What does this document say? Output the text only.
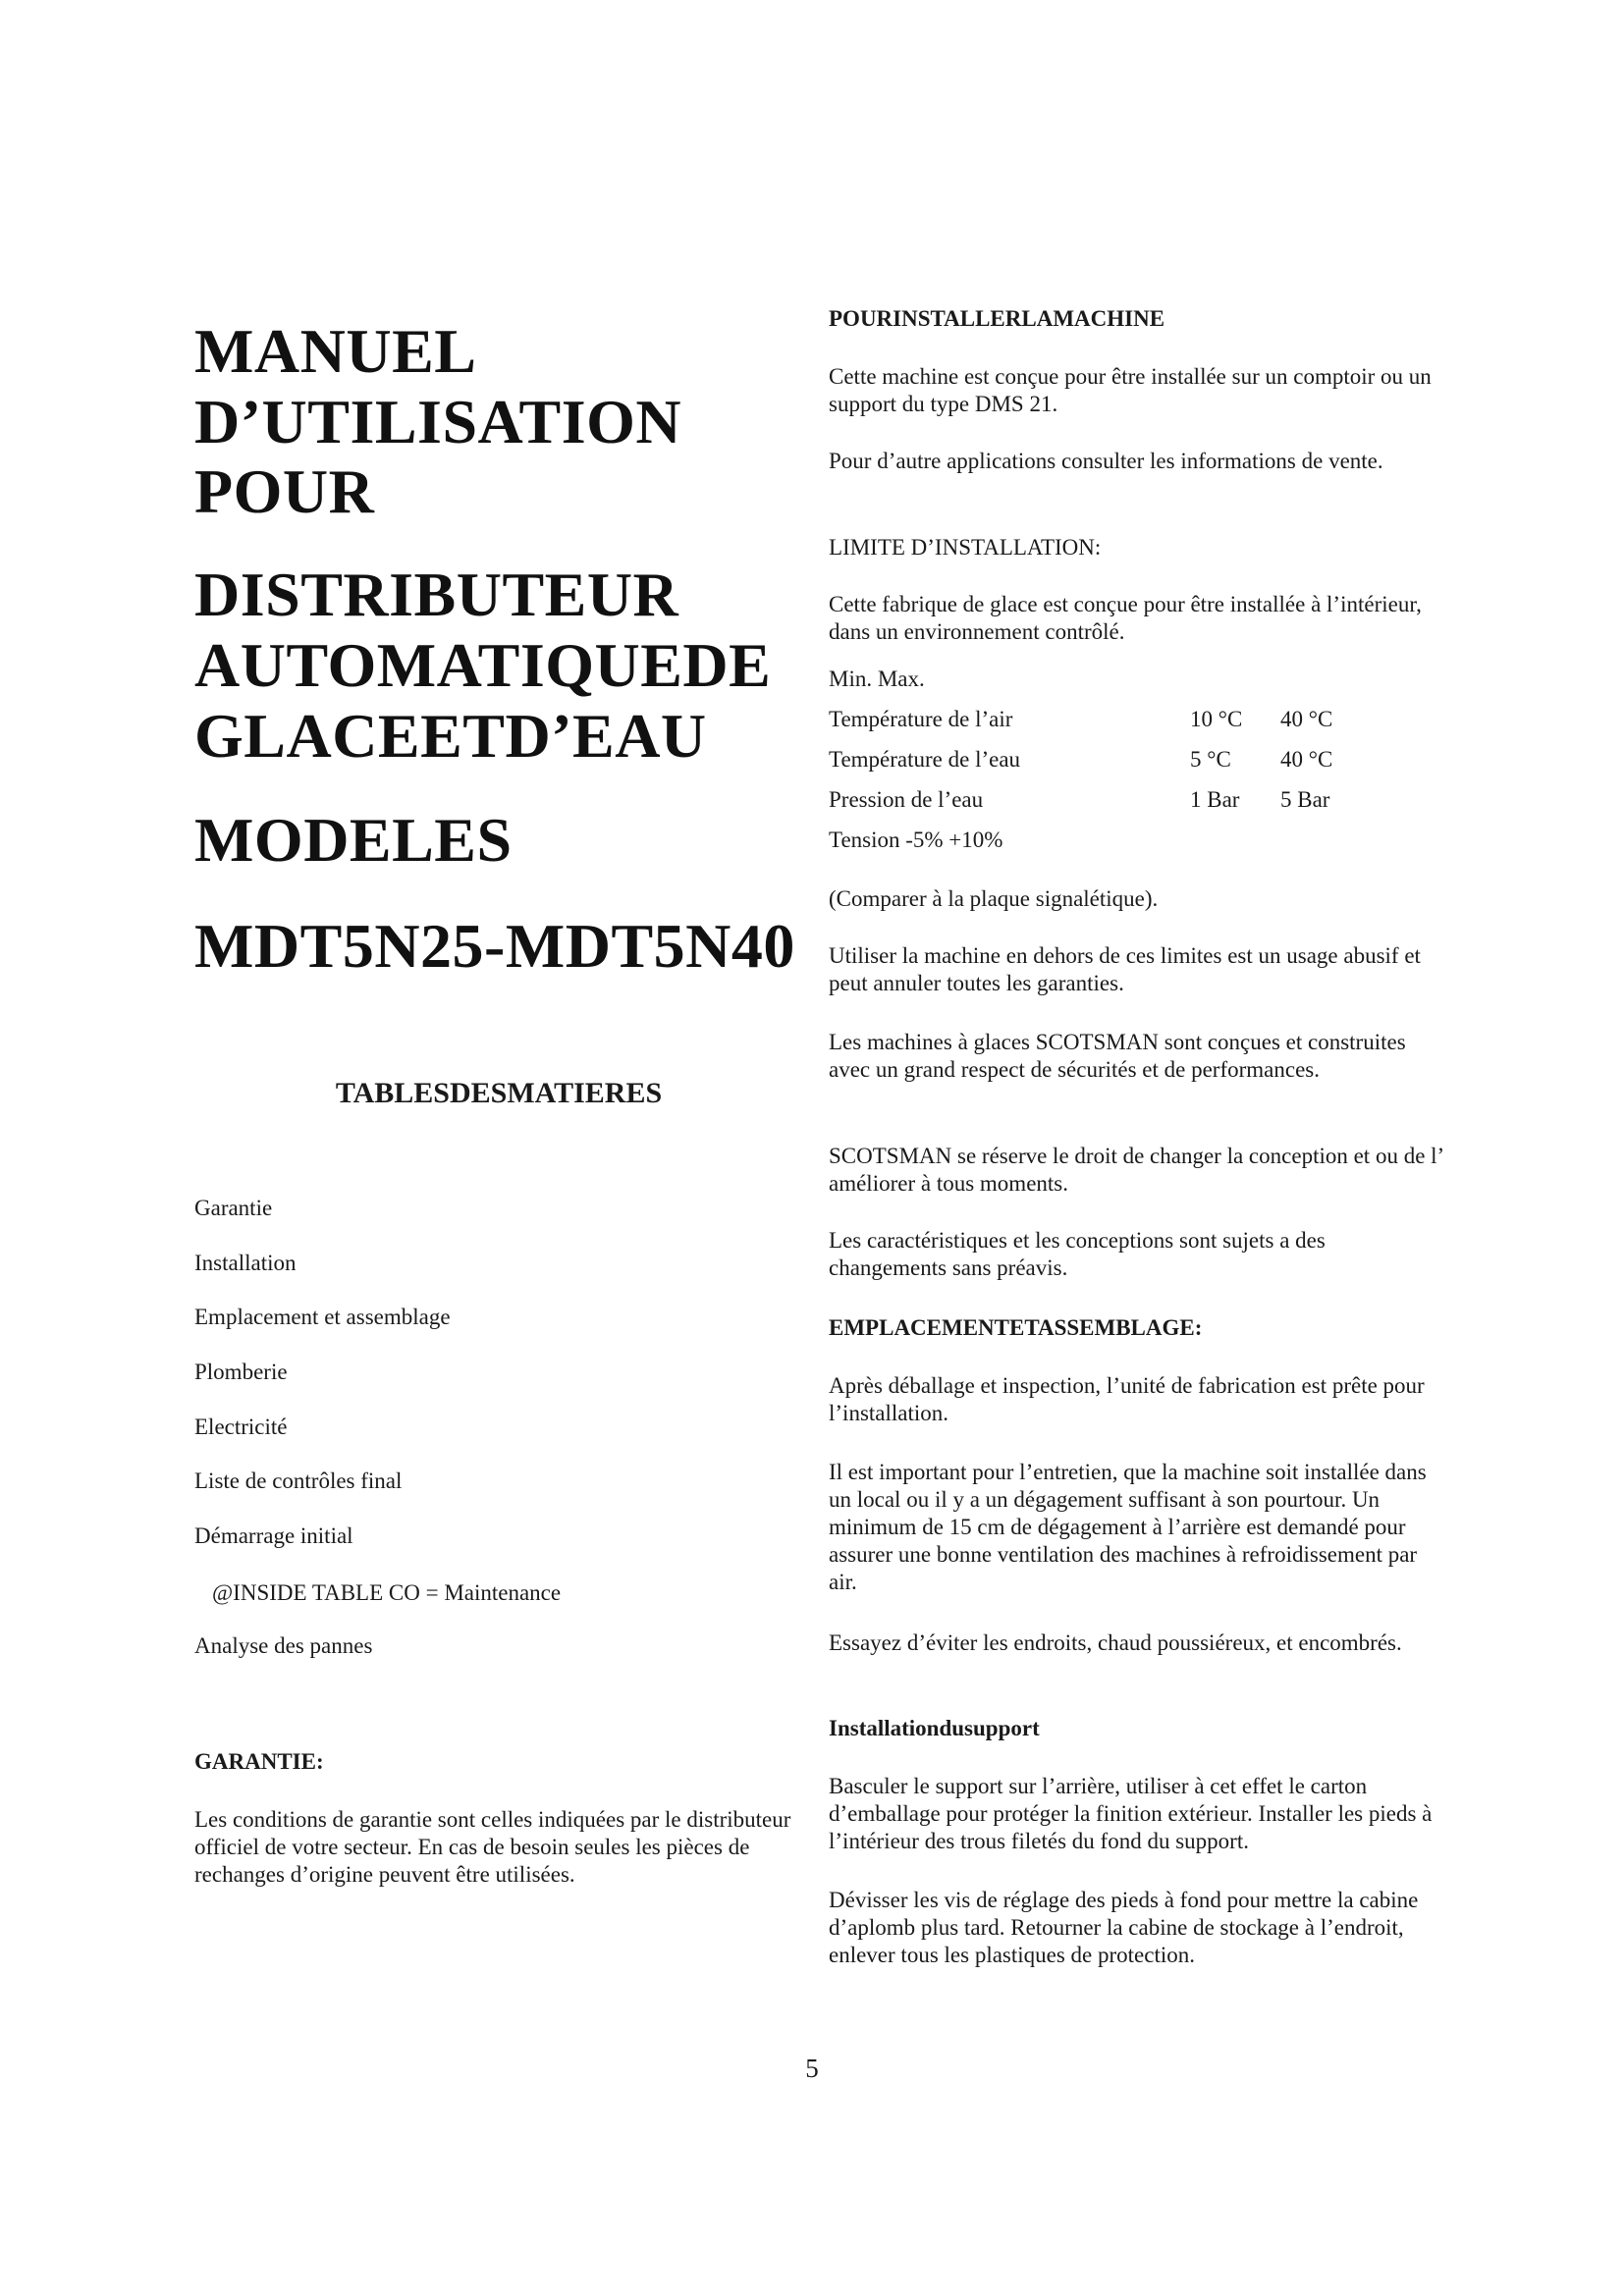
MANUEL
D’UTILISATION
POUR
DISTRIBUTEUR
AUTOMATIQUEDE
GLACEETD’EAU
MODELES
MDT5N25-MDT5N40
TABLESDESMATIERES
Garantie
Installation
Emplacement et assemblage
Plomberie
Electricité
Liste de contrôles final
Démarrage initial
@INSIDE TABLE CO = Maintenance
Analyse des pannes
GARANTIE:
Les conditions de garantie sont celles indiquées par le distributeur officiel de votre secteur. En cas de besoin seules les pièces de rechanges d’origine peuvent être utilisées.
POURINSTALLERLAMACHINE
Cette machine est conçue pour être installée sur un comptoir ou un support du type DMS 21.
Pour d’autre applications consulter les informations de vente.
LIMITE D’INSTALLATION:
Cette fabrique de glace est conçue pour être installée à l’intérieur, dans un environnement contrôlé.
Min. Max.
Température de l’air	10 °C 40 °C
Température de l’eau	5 °C 40 °C
Pression de l’eau	1 Bar 5 Bar
Tension -5% +10%
(Comparer à la plaque signalétique).
Utiliser la machine en dehors de ces limites est un usage abusif et peut annuler toutes les garanties.
Les machines à glaces SCOTSMAN sont conçues et construites avec un grand respect de sécurités et de performances.
SCOTSMAN se réserve le droit de changer la conception et ou de l’ améliorer à tous moments.
Les caractéristiques et les conceptions sont sujets a des changements sans préavis.
EMPLACEMENTETASSEMBLAGE:
Après déballage et inspection, l’unité de fabrication est prête pour l’installation.
Il est important pour l’entretien, que la machine soit installée dans un local ou il y a un dégagement suffisant à son pourtour. Un minimum de 15 cm de dégagement à l’arrière est demandé pour assurer une bonne ventilation des machines à refroidissement par air.
Essayez d’éviter les endroits, chaud poussiéreux, et encombrés.
Installationdusupport
Basculer le support sur l’arrière, utiliser à cet effet le carton d’emballage pour protéger la finition extérieur. Installer les pieds à l’intérieur des trous filetés du fond du support.
Dévisser les vis de réglage des pieds à fond pour mettre la cabine d’aplomb plus tard. Retourner la cabine de stockage à l’endroit, enlever tous les plastiques de protection.
5
